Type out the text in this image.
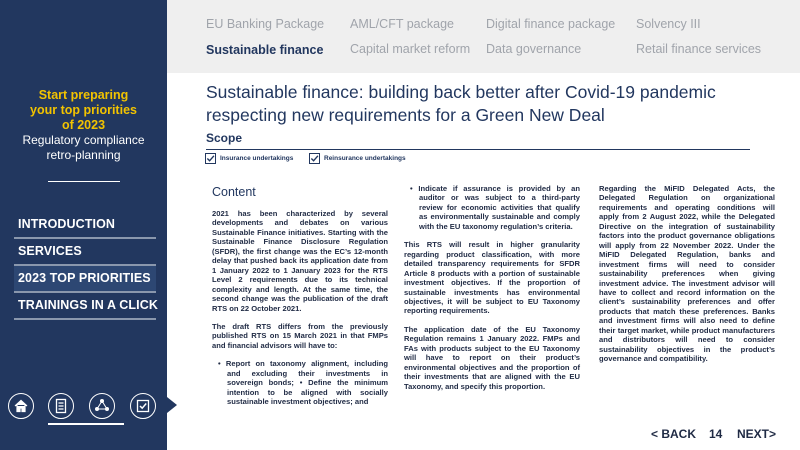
Start preparing
your top priorities
of 2023
Regulatory compliance
retro-planning
INTRODUCTION
SERVICES
2023 TOP PRIORITIES
TRAININGS IN A CLICK
EU Banking Package AML/CFT package	Digital finance package Solvency III
Sustainable finance Capital market reform Data governance	Retail finance services
Sustainable finance: building back better after Covid-19 pandemic
respecting new requirements for a Green New Deal
Scope
Insurance undertakings	Reinsurance undertakings
Content

2021 has been characterized by several developments and debates on various Sustainable Finance initiatives. Starting with the Sustainable Finance Disclosure Regulation (SFDR), the first change was the EC’s 12-month delay that pushed back its application date from 1 January 2022 to 1 January 2023 for the RTS Level 2 requirements due to its technical complexity and length. At the same time, the second change was the publication of the draft RTS on 22 October 2021.

The draft RTS differs from the previously published RTS on 15 March 2021 in that FMPs and financial advisors will have to:

• Report on taxonomy alignment, including and excluding their investments in sovereign bonds; • Define the minimum intention to be aligned with socially sustainable investment objectives; and

• Indicate if assurance is provided by an auditor or was subject to a third-party review for economic activities that qualify as environmentally sustainable and comply with the EU taxonomy regulation’s criteria.

This RTS will result in higher granularity regarding product classification, with more detailed transparency requirements for SFDR Article 8 products with a portion of sustainable investment objectives. If the proportion of sustainable investments has environmental objectives, it will be subject to EU Taxonomy reporting requirements.

The application date of the EU Taxonomy Regulation remains 1 January 2022. FMPs and FAs with products subject to the EU Taxonomy will have to report on their product’s environmental objectives and the proportion of their investments that are aligned with the EU Taxonomy, and specify this proportion.

Regarding the MiFID Delegated Acts, the Delegated Regulation on organizational requirements and operating conditions will apply from 2 August 2022, while the Delegated Directive on the integration of sustainability factors into the product governance obligations will apply from 22 November 2022. Under the MiFID Delegated Regulation, banks and investment firms will need to consider sustainability preferences when giving investment advice. The investment advisor will have to collect and record information on the client’s sustainability preferences and offer products that match these preferences. Banks and investment firms will also need to define their target market, while product manufacturers and distributors will need to consider sustainability objectives in the product’s governance and compatibility.

< BACK 14 NEXT>
